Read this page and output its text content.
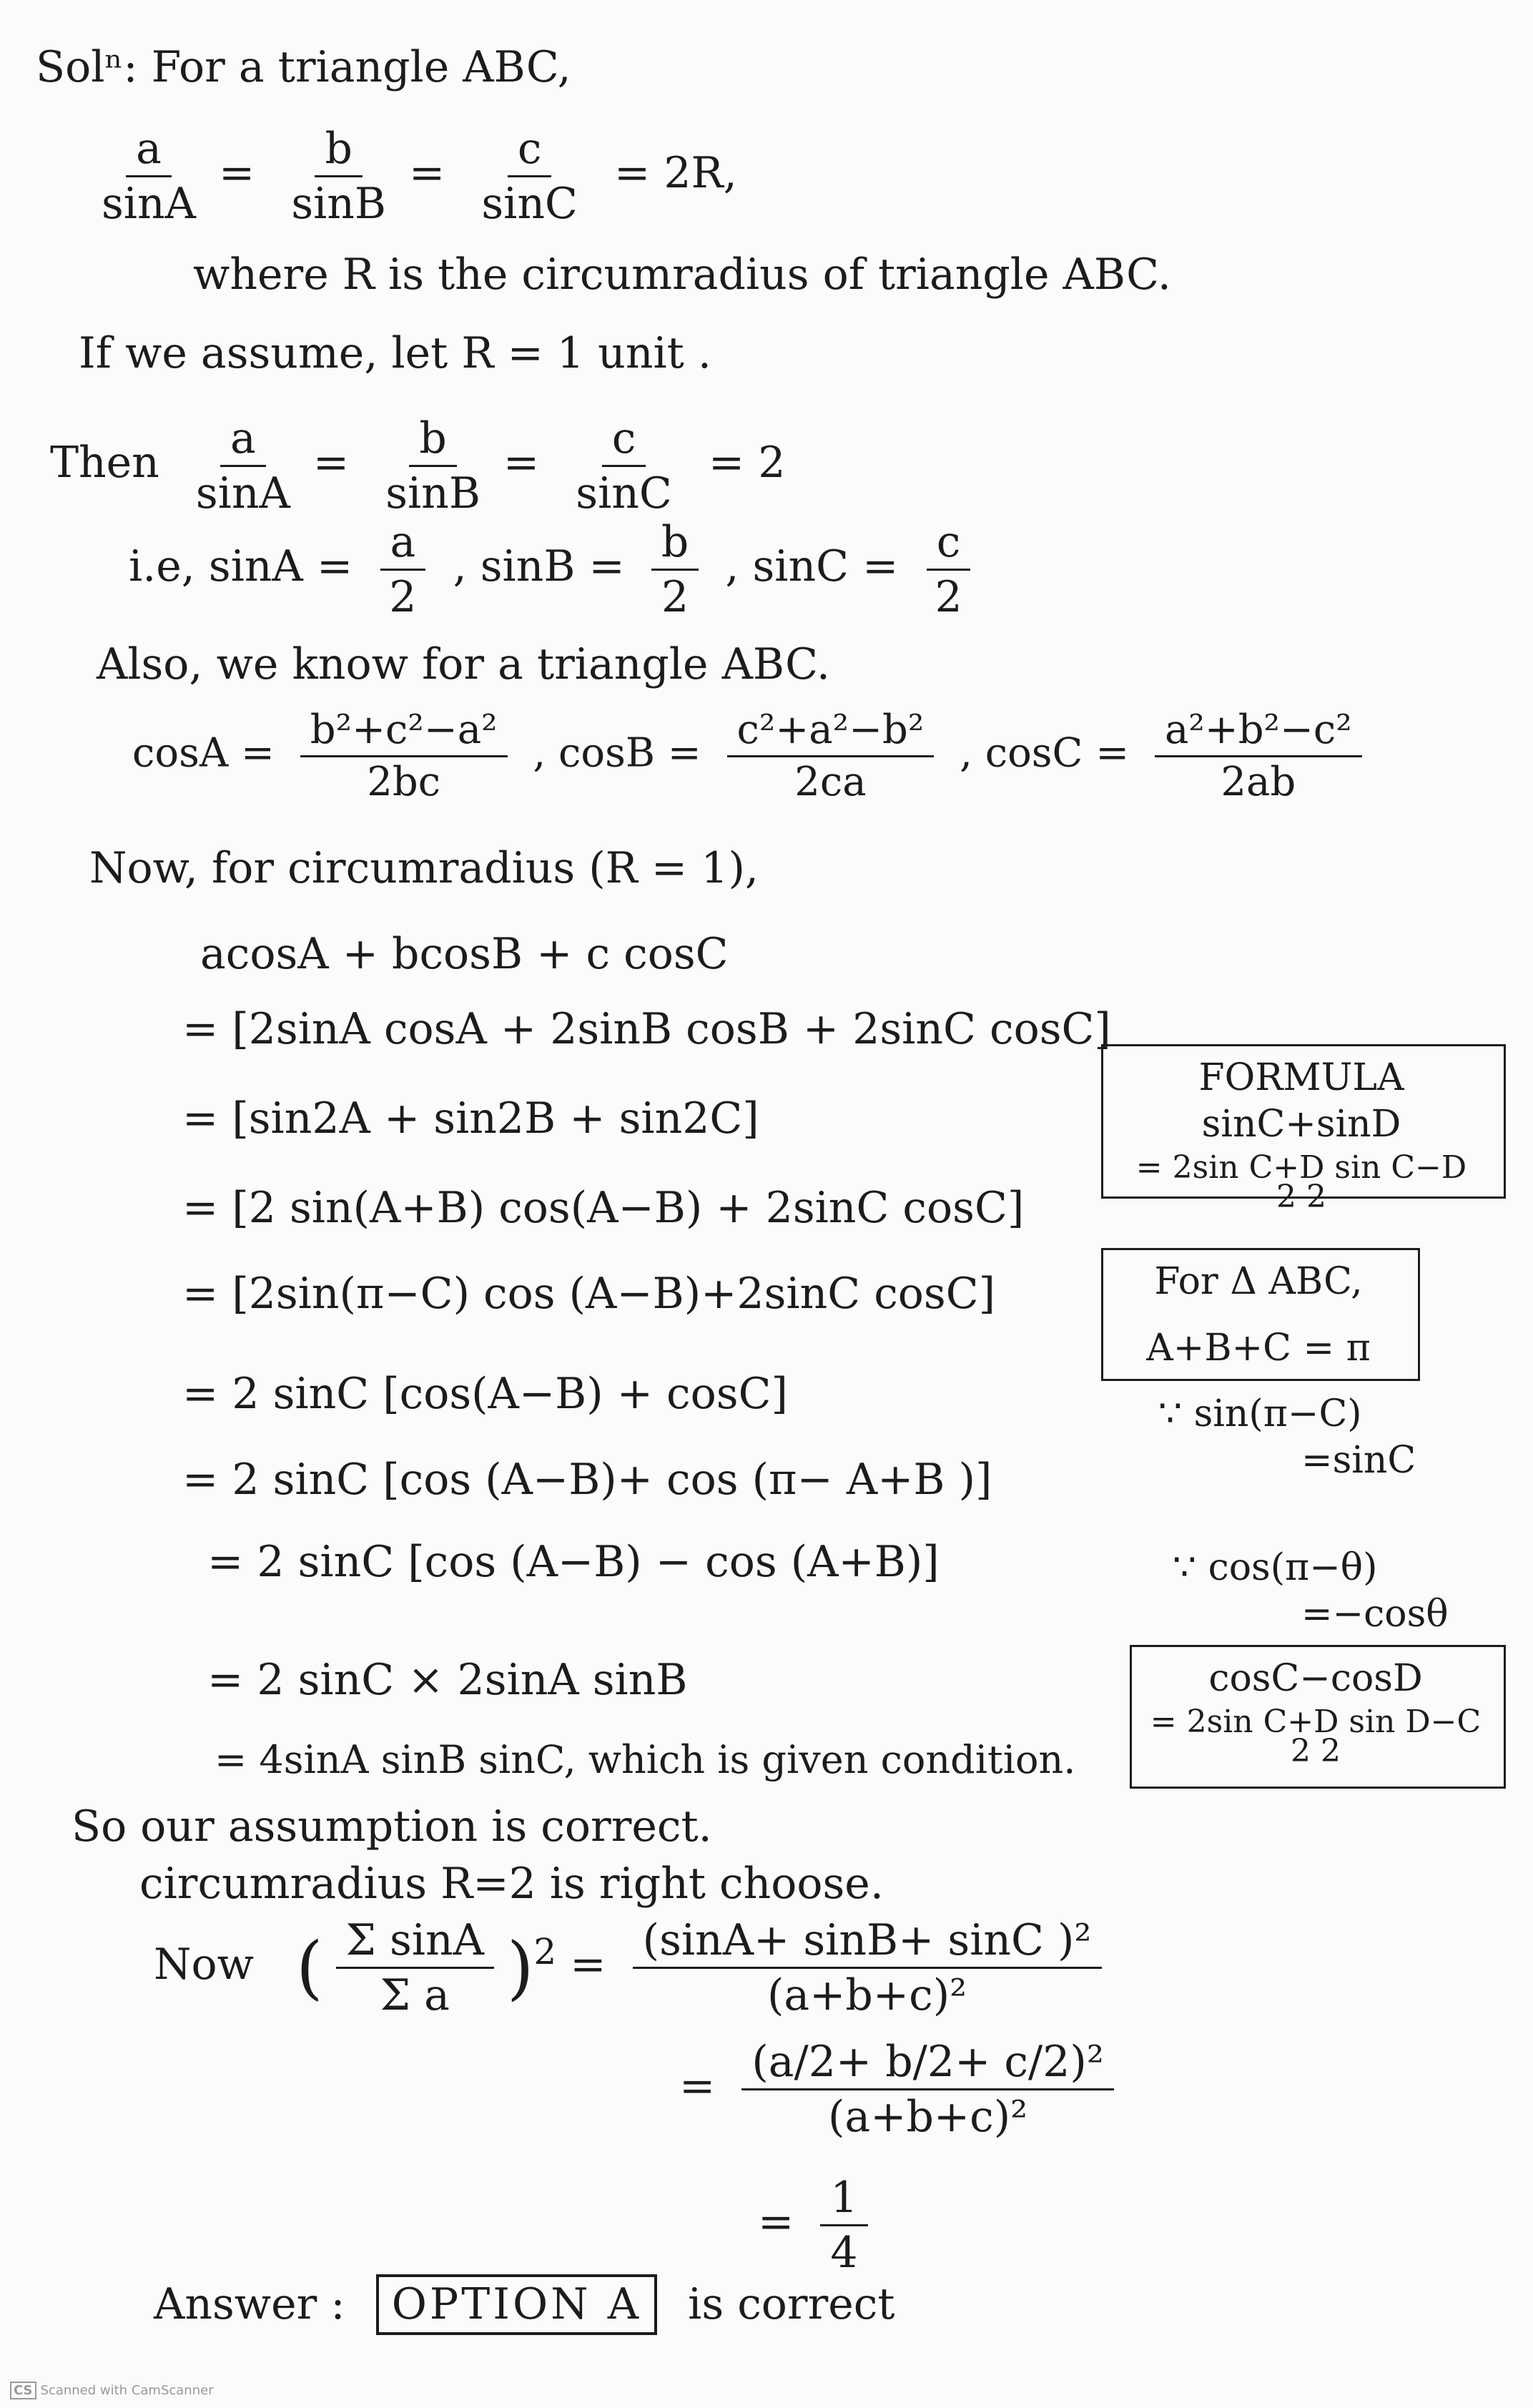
Solⁿ: For a triangle ABC,
$\frac{a}{\sin A} = \frac{b}{\sin B} = \frac{c}{\sin C} = 2R$,
where R is the circumradius of triangle ABC.
If we assume, let R = 1 unit .
Then $\frac{a}{\sin A} = \frac{b}{\sin B} = \frac{c}{\sin C} = 2$
i.e, $\sin A = \frac{a}{2}$ , $\sin B = \frac{b}{2}$ , $\sin C = \frac{c}{2}$
Also, we know for a triangle ABC.
$\cos A = \frac{\text{b²+c²−a²}}{2bc}$ , $\cos B = \frac{\text{c²+a²−b²}}{2ca}$ , $\cos C = \frac{\text{a²+b²−c²}}{2ab}$
Now, for circumradius (R = 1),
acosA + bcosB + c cosC
= [2sinA cosA + 2sinB cosB + 2sinC cosC]
= [sin2A + sin2B + sin2C]
= [2 sin(A+B) cos(A−B) + 2sinC cosC]
= [2sin(π−C) cos (A−B)+2sinC cosC]
= 2 sinC [cos(A−B) + cosC]
= 2 sinC [cos (A−B)+ cos (π− A+B )]
= 2 sinC [cos (A−B) − cos (A+B)]
= 2 sinC × 2sinA sinB
= 4sinA sinB sinC, which is given condition.
So our assumption is correct.
circumradius R=2 is right choose.
Now ( $\frac{\text{Σ sinA}}{\text{Σ a}} )^2 = \frac{\text{(sinA+ sinB+ sinC )²}}{\text{(a+b+c)²}}$
= $\frac{\text{(a/2+ b/2+ c/2)²}}{\text{(a+b+c)²}}$
= $\frac{1}{4}$
Answer : OPTION A is correct
FORMULA
sinC+sinD
= 2sin C+D sin C−D
2 2
For Δ ABC,
A+B+C = π
∵ sin(π−C)
=sinC
∵ cos(π−θ)
=−cosθ
cosC−cosD
= 2sin C+D sin D−C
2 2
CS Scanned with CamScanner
